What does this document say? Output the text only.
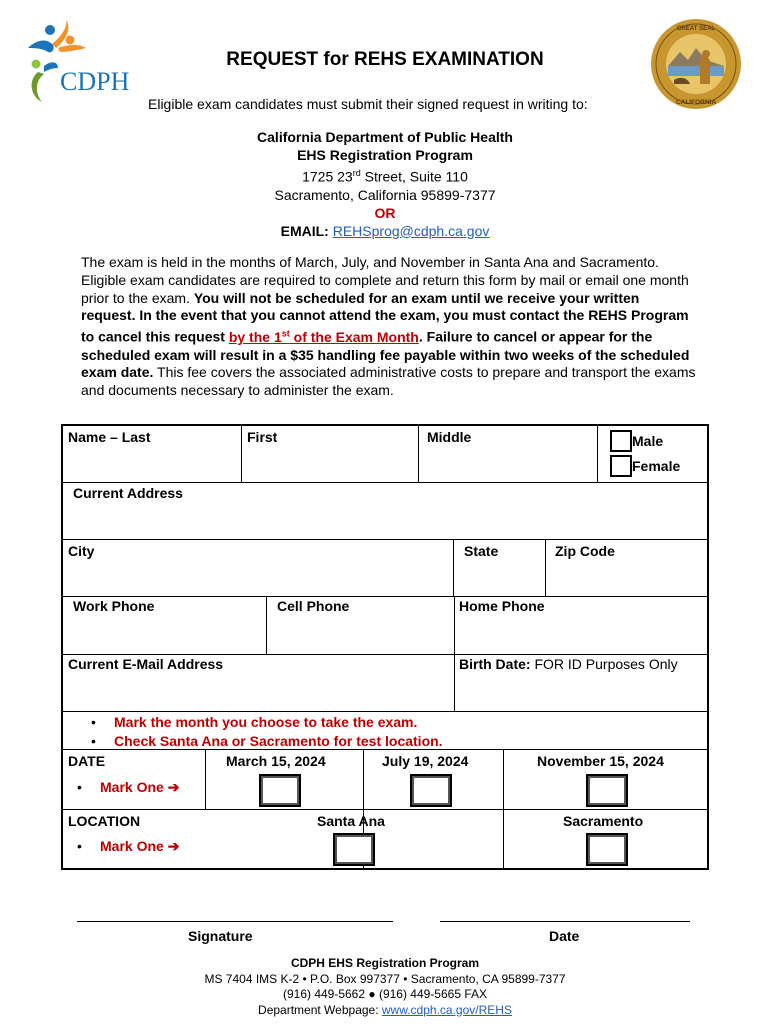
CDPH
GREAT SEAL
CALIFORNIA
REQUEST for REHS EXAMINATION
Eligible exam candidates must submit their signed request in writing to:
California Department of Public Health
EHS Registration Program
1725 23rd Street, Suite 110
Sacramento, California 95899-7377
OR
EMAIL: REHSprog@cdph.ca.gov
The exam is held in the months of March, July, and November in Santa Ana and Sacramento. Eligible exam candidates are required to complete and return this form by mail or email one month prior to the exam. You will not be scheduled for an exam until we receive your written request. In the event that you cannot attend the exam, you must contact the REHS Program to cancel this request by the 1st of the Exam Month. Failure to cancel or appear for the scheduled exam will result in a $35 handling fee payable within two weeks of the scheduled exam date. This fee covers the associated administrative costs to prepare and transport the exams and documents necessary to administer the exam.
Name – Last	First	Middle	Male
Female
Current Address
City	State	Zip Code
Work Phone	Cell Phone	Home Phone
Current E-Mail Address	Birth Date: FOR ID Purposes Only
• Mark the month you choose to take the exam.
• Check Santa Ana or Sacramento for test location.
DATE	March 15, 2024	July 19, 2024	November 15, 2024
• Mark One ➔
LOCATION	Santa Ana	Sacramento
• Mark One ➔
Signature	Date
CDPH EHS Registration Program
MS 7404 IMS K-2 • P.O. Box 997377 • Sacramento, CA 95899-7377
(916) 449-5662 ● (916) 449-5665 FAX
Department Webpage: www.cdph.ca.gov/REHS
